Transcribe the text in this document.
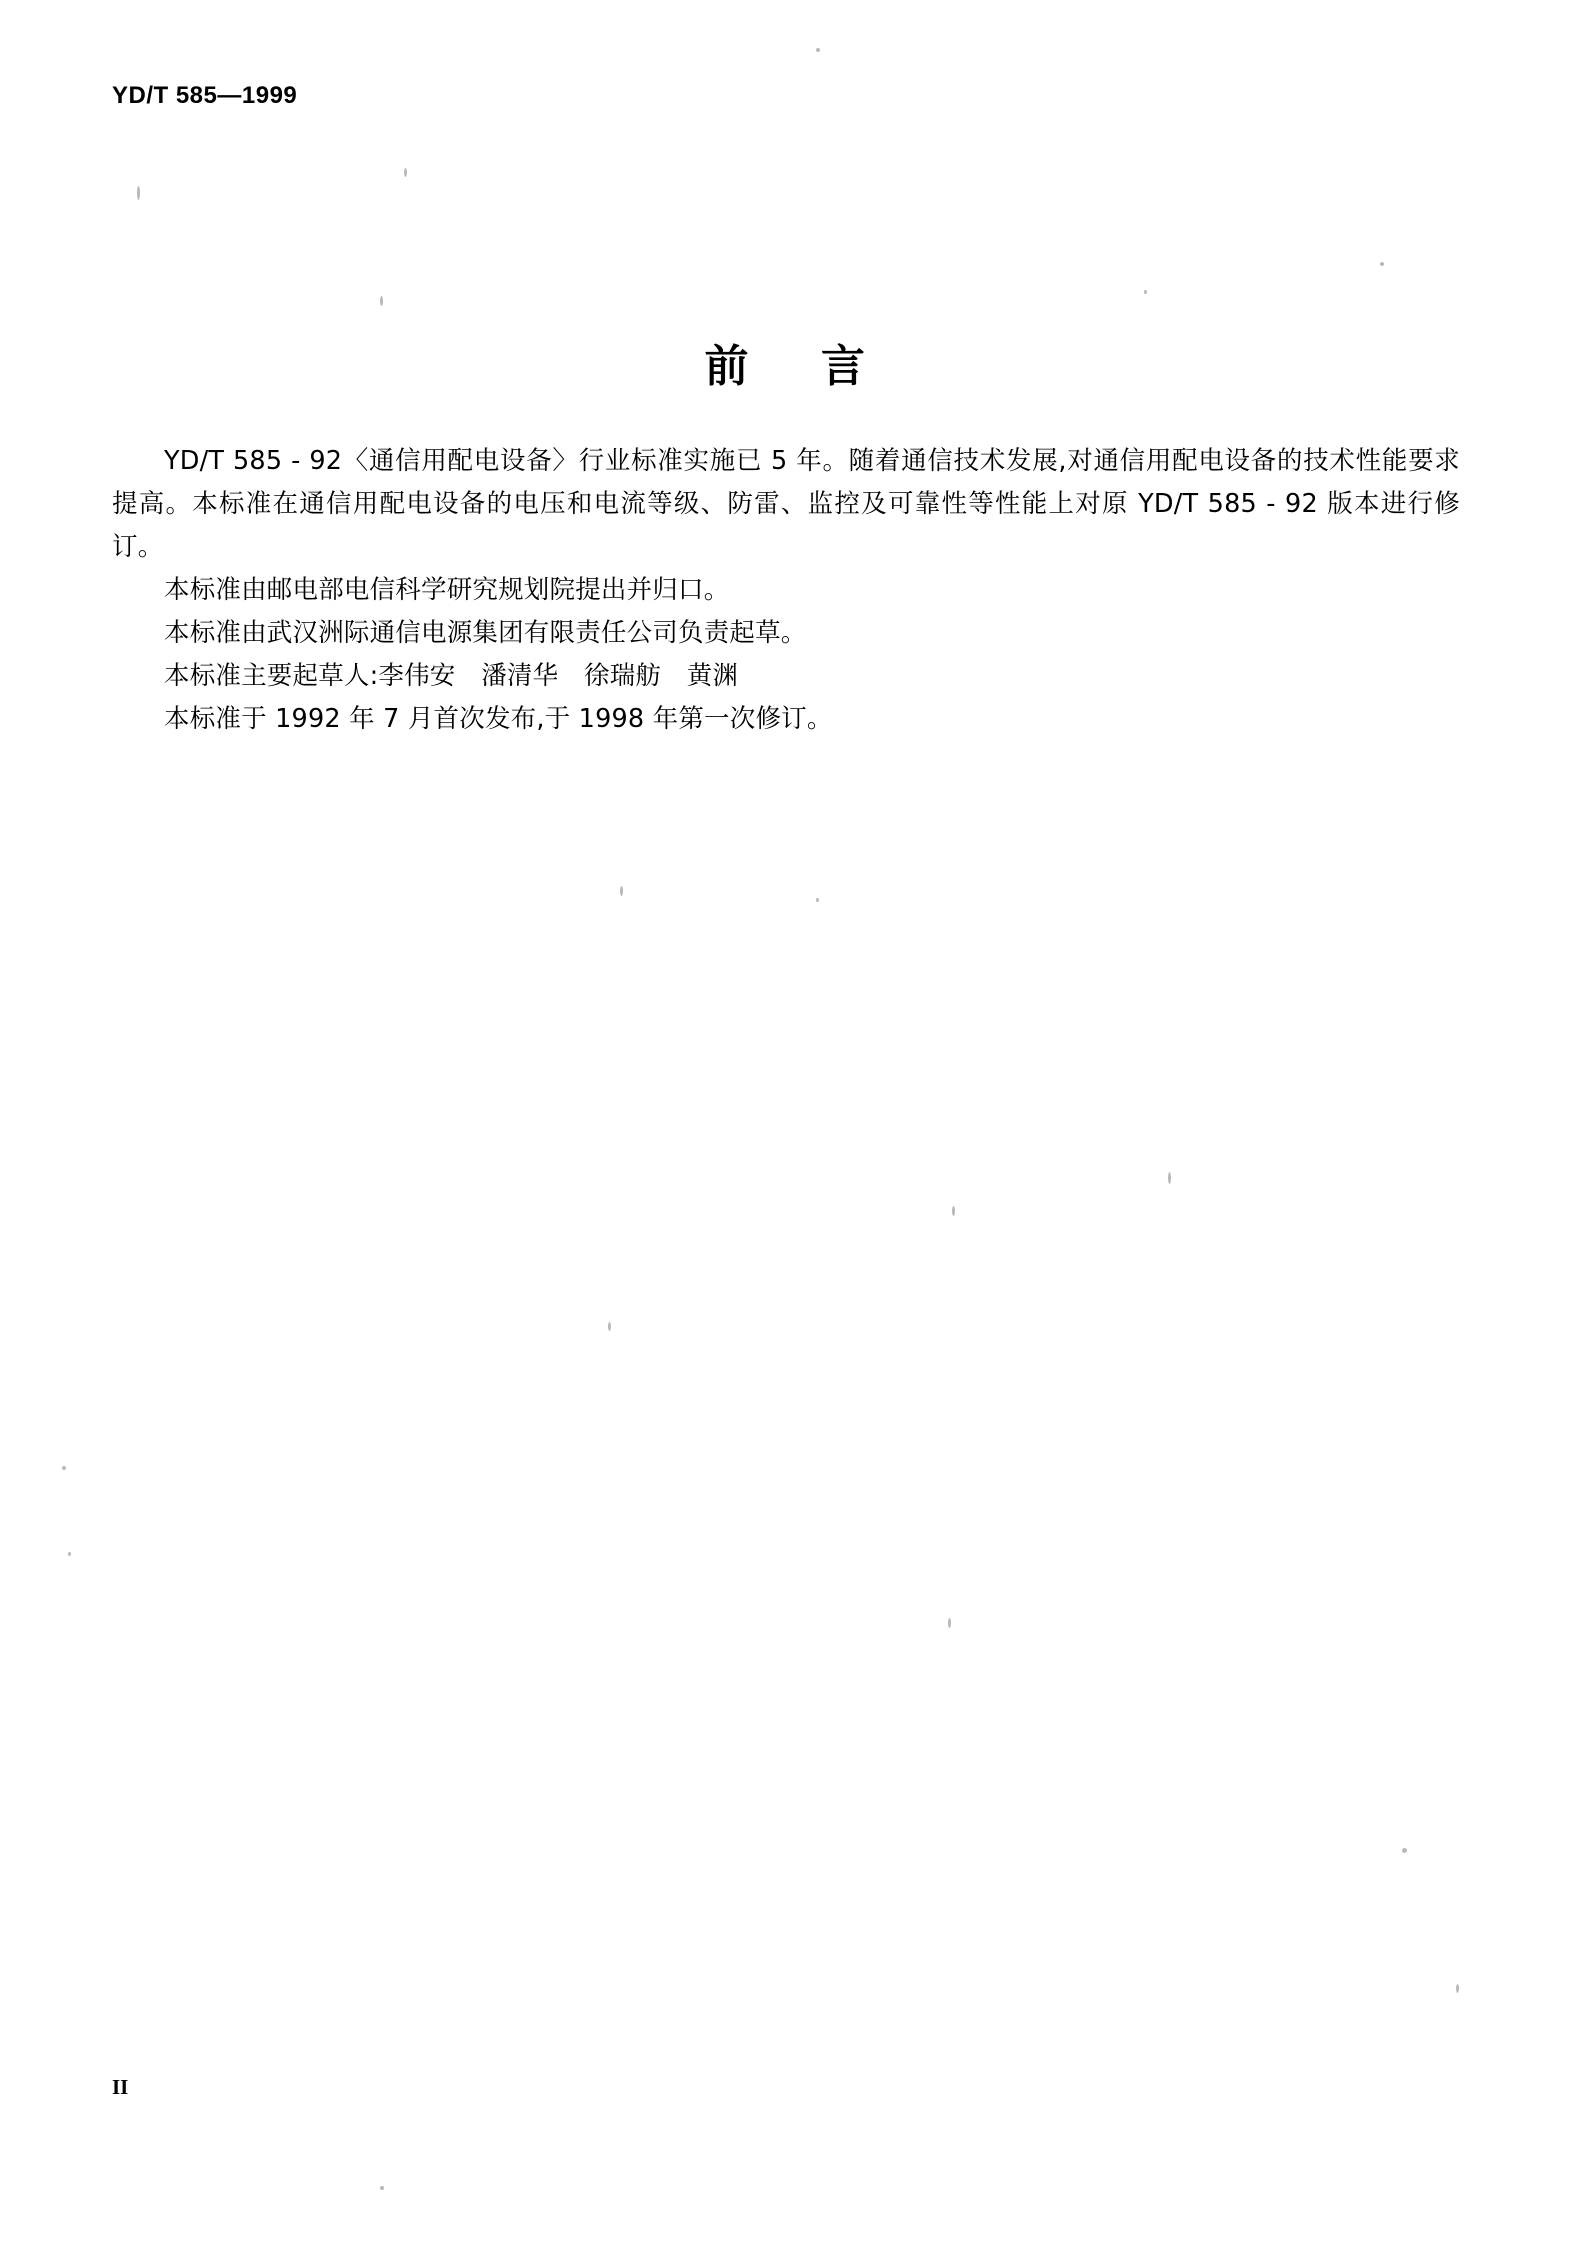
YD/T 585—1999
前 言

YD/T 585 - 92〈通信用配电设备〉行业标准实施已 5 年。随着通信技术发展,对通信用配电设备的技术性能要求提高。本标准在通信用配电设备的电压和电流等级、防雷、监控及可靠性等性能上对原 YD/T 585 - 92 版本进行修订。

本标准由邮电部电信科学研究规划院提出并归口。

本标准由武汉洲际通信电源集团有限责任公司负责起草。

本标准主要起草人:李伟安　潘清华　徐瑞舫　黄渊

本标准于 1992 年 7 月首次发布,于 1998 年第一次修订。

II
